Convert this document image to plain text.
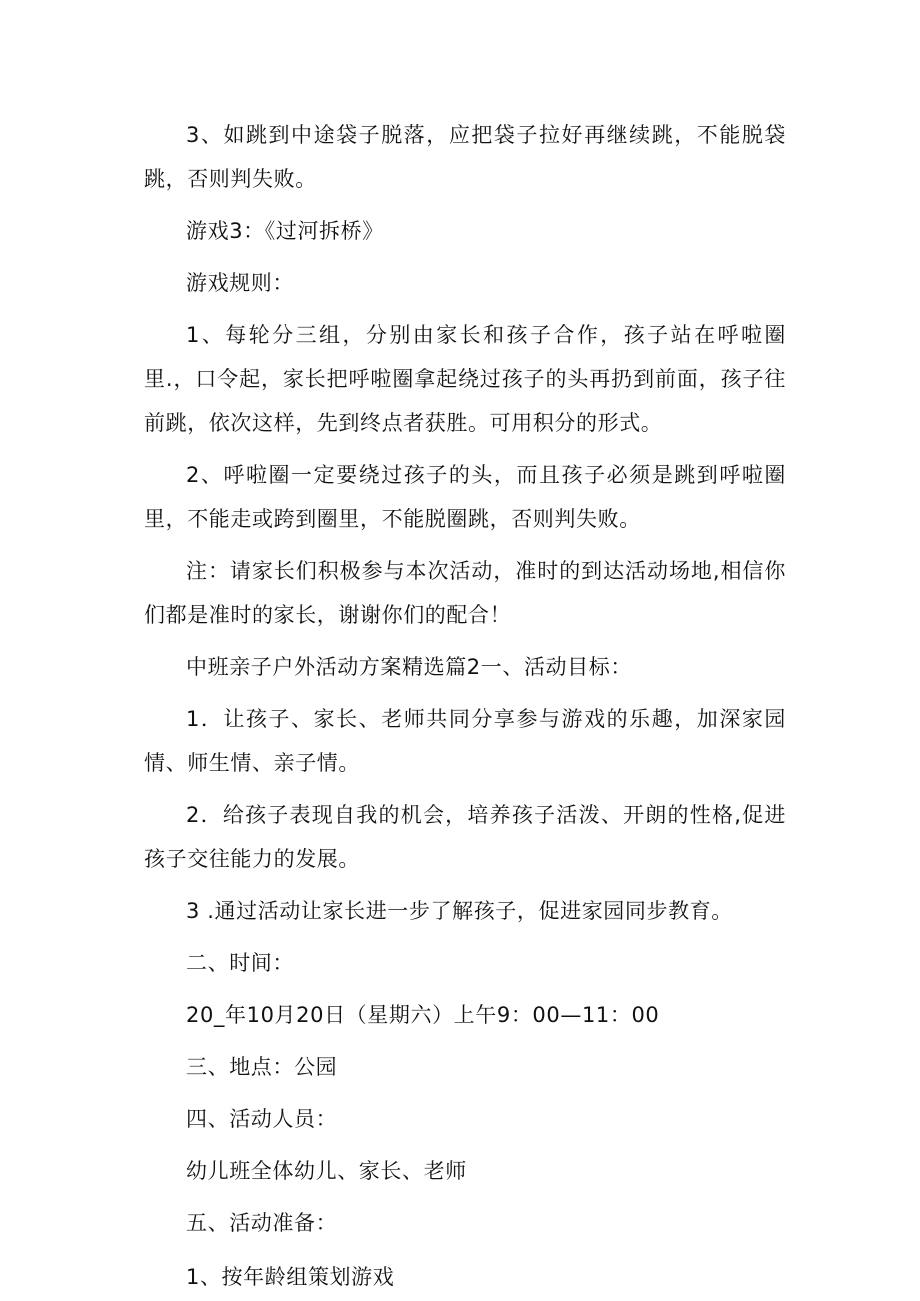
3、如跳到中途袋子脱落，应把袋子拉好再继续跳，不能脱袋跳，否则判失败。

游戏3：《过河拆桥》

游戏规则：

1、每轮分三组，分别由家长和孩子合作，孩子站在呼啦圈里.，口令起，家长把呼啦圈拿起绕过孩子的头再扔到前面，孩子往前跳，依次这样，先到终点者获胜。可用积分的形式。

2、呼啦圈一定要绕过孩子的头，而且孩子必须是跳到呼啦圈里，不能走或跨到圈里，不能脱圈跳，否则判失败。

注：请家长们积极参与本次活动，准时的到达活动场地,相信你们都是准时的家长，谢谢你们的配合！

中班亲子户外活动方案精选篇2一、活动目标：

1．让孩子、家长、老师共同分享参与游戏的乐趣，加深家园情、师生情、亲子情。

2．给孩子表现自我的机会，培养孩子活泼、开朗的性格,促进孩子交往能力的发展。

3 .通过活动让家长进一步了解孩子，促进家园同步教育。

二、时间：

20_年10月20日（星期六）上午9：00—11：00

三、地点：公园

四、活动人员：

幼儿班全体幼儿、家长、老师

五、活动准备：

1、按年龄组策划游戏
